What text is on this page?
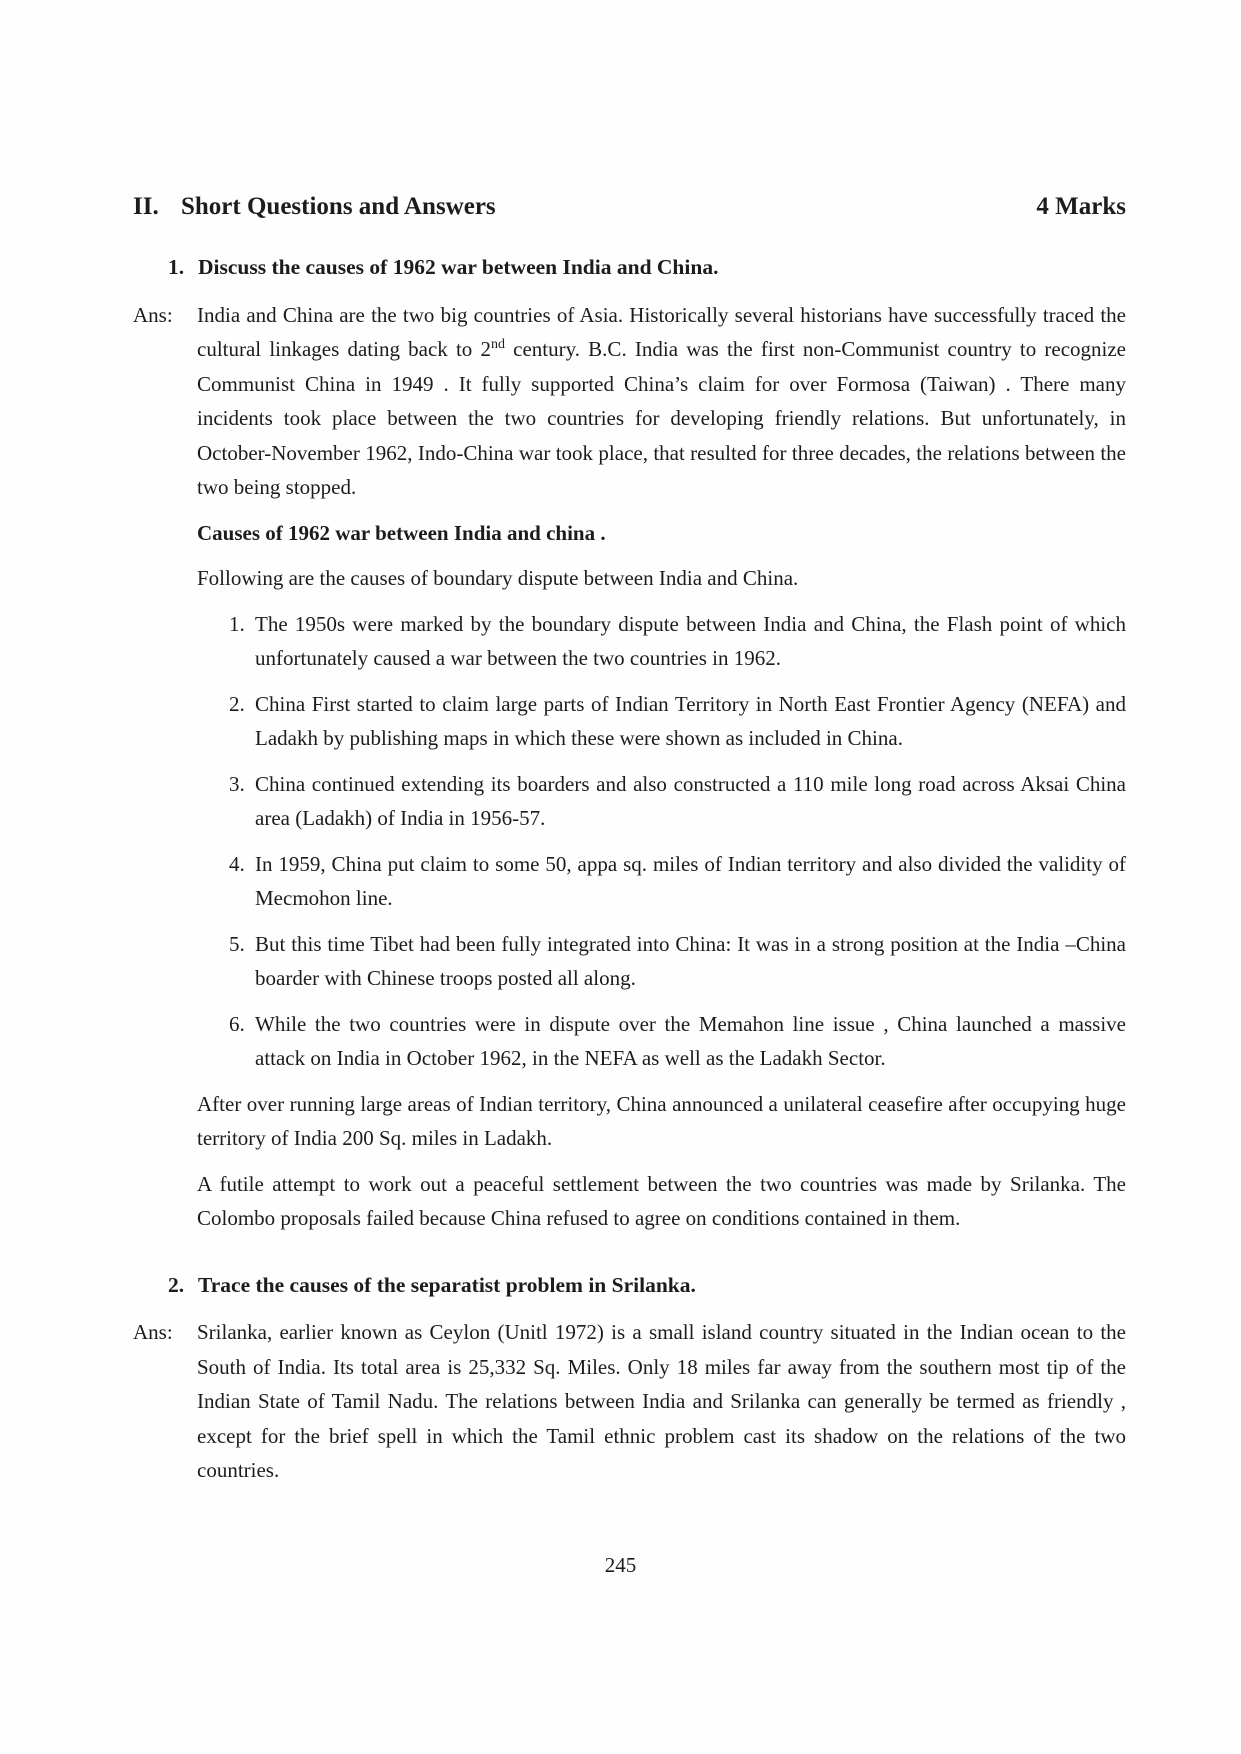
II. Short Questions and Answers	4 Marks
1. Discuss the causes of 1962 war between India and China.
Ans:	India and China are the two big countries of Asia. Historically several historians have successfully traced the cultural linkages dating back to 2nd century. B.C. India was the first non-Communist country to recognize Communist China in 1949 . It fully supported China’s claim for over Formosa (Taiwan) . There many incidents took place between the two countries for developing friendly relations. But unfortunately, in October-November 1962, Indo-China war took place, that resulted for three decades, the relations between the two being stopped.

Causes of 1962 war between India and china .

Following are the causes of boundary dispute between India and China.

1. The 1950s were marked by the boundary dispute between India and China, the Flash point of which unfortunately caused a war between the two countries in 1962.
2. China First started to claim large parts of Indian Territory in North East Frontier Agency (NEFA) and Ladakh by publishing maps in which these were shown as included in China.
3. China continued extending its boarders and also constructed a 110 mile long road across Aksai China area (Ladakh) of India in 1956-57.
4. In 1959, China put claim to some 50, appa sq. miles of Indian territory and also divided the validity of Mecmohon line.
5. But this time Tibet had been fully integrated into China: It was in a strong position at the India –China boarder with Chinese troops posted all along.
6. While the two countries were in dispute over the Memahon line issue , China launched a massive attack on India in October 1962, in the NEFA as well as the Ladakh Sector.

After over running large areas of Indian territory, China announced a unilateral ceasefire after occupying huge territory of India 200 Sq. miles in Ladakh.

A futile attempt to work out a peaceful settlement between the two countries was made by Srilanka. The Colombo proposals failed because China refused to agree on conditions contained in them.

2. Trace the causes of the separatist problem in Srilanka.
Ans:	Srilanka, earlier known as Ceylon (Unitl 1972) is a small island country situated in the Indian ocean to the South of India. Its total area is 25,332 Sq. Miles. Only 18 miles far away from the southern most tip of the Indian State of Tamil Nadu. The relations between India and Srilanka can generally be termed as friendly , except for the brief spell in which the Tamil ethnic problem cast its shadow on the relations of the two countries.

245
